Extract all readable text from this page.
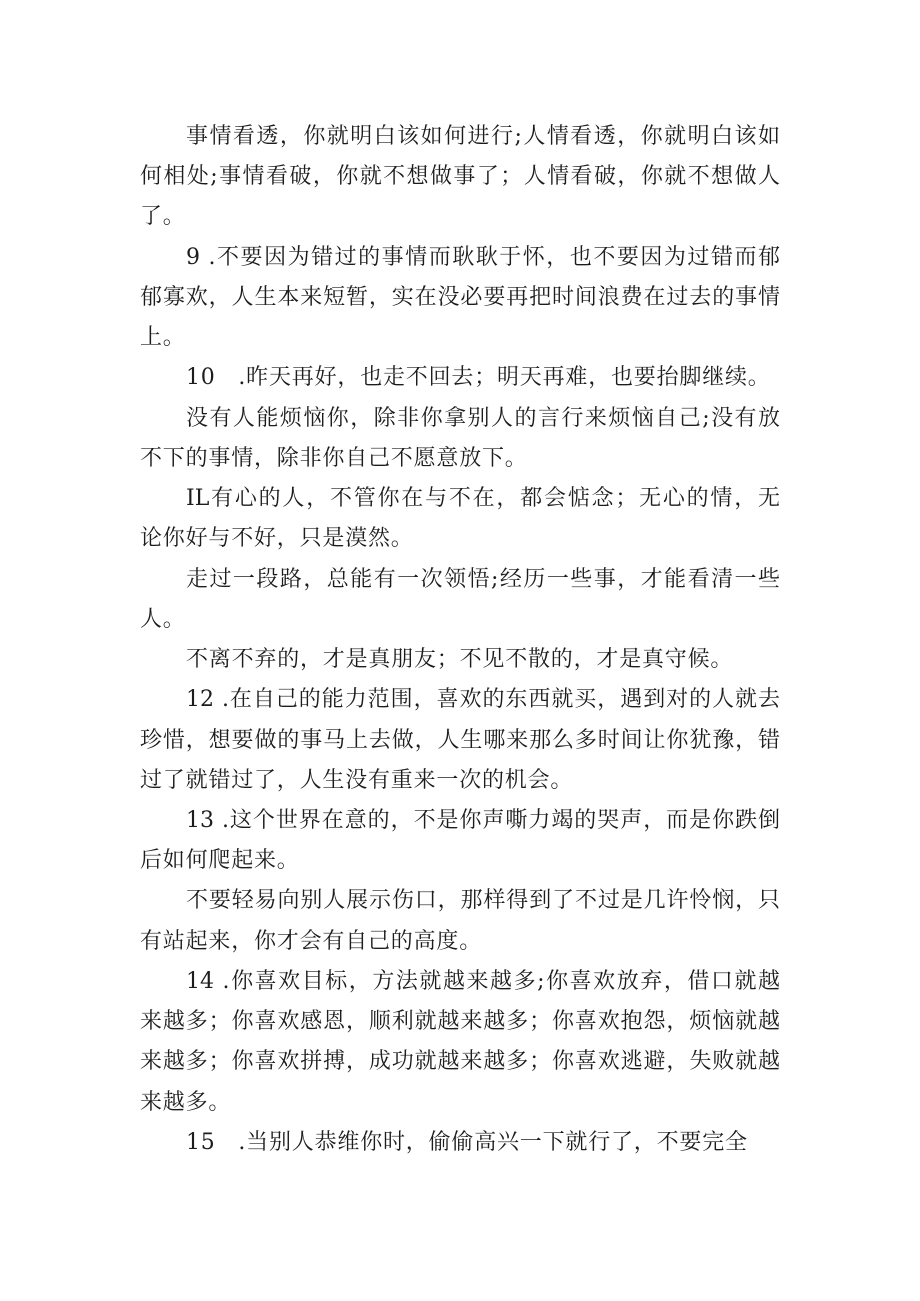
事情看透，你就明白该如何进行;人情看透，你就明白该如
何相处;事情看破，你就不想做事了；人情看破，你就不想做人
了。
9 .不要因为错过的事情而耿耿于怀，也不要因为过错而郁
郁寡欢，人生本来短暂，实在没必要再把时间浪费在过去的事情
上。
10　.昨天再好，也走不回去；明天再难，也要抬脚继续。
没有人能烦恼你，除非你拿别人的言行来烦恼自己;没有放
不下的事情，除非你自己不愿意放下。
IL有心的人，不管你在与不在，都会惦念；无心的情，无
论你好与不好，只是漠然。
走过一段路，总能有一次领悟;经历一些事，才能看清一些
人。
不离不弃的，才是真朋友；不见不散的，才是真守候。
12 .在自己的能力范围，喜欢的东西就买，遇到对的人就去
珍惜，想要做的事马上去做，人生哪来那么多时间让你犹豫，错
过了就错过了，人生没有重来一次的机会。
13 .这个世界在意的，不是你声嘶力竭的哭声，而是你跌倒
后如何爬起来。
不要轻易向别人展示伤口，那样得到了不过是几许怜悯，只
有站起来，你才会有自己的高度。
14 .你喜欢目标，方法就越来越多;你喜欢放弃，借口就越
来越多；你喜欢感恩，顺利就越来越多；你喜欢抱怨，烦恼就越
来越多；你喜欢拼搏，成功就越来越多；你喜欢逃避，失败就越
来越多。
15　.当别人恭维你时，偷偷高兴一下就行了，不要完全
